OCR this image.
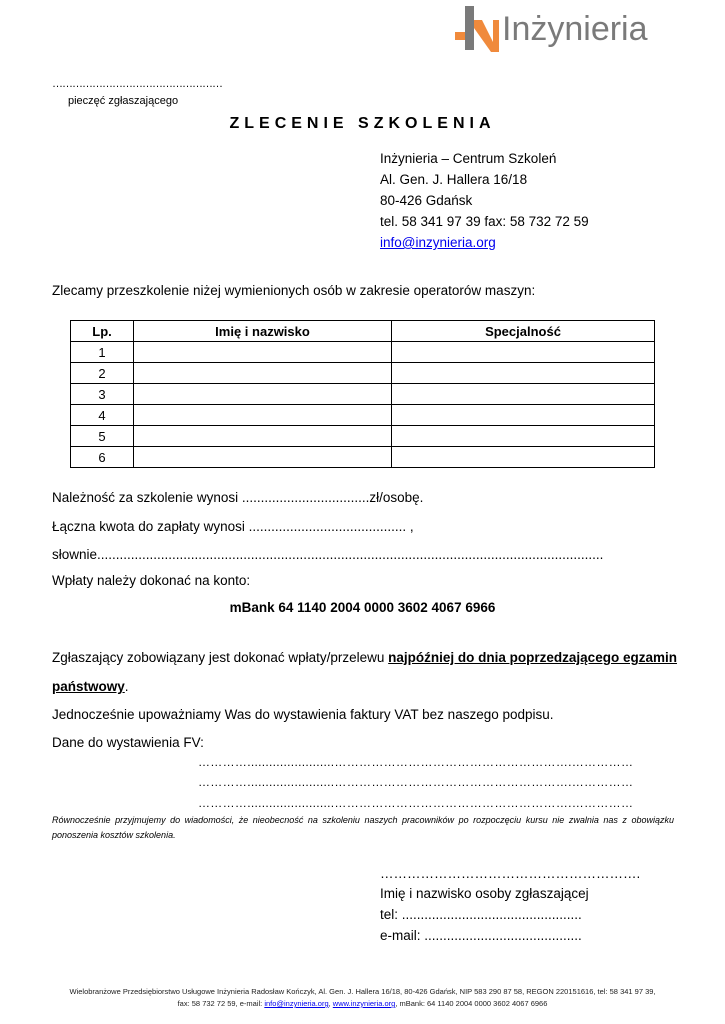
Inżynieria
……………………………………………
pieczęć zgłaszającego
ZLECENIE SZKOLENIA
Inżynieria – Centrum Szkoleń
Al. Gen. J. Hallera 16/18
80-426 Gdańsk
tel. 58 341 97 39 fax: 58 732 72 59
info@inzynieria.org
Zlecamy przeszkolenie niżej wymienionych osób w zakresie operatorów maszyn:
Lp.	Imię i nazwisko	Specjalność
1		
2		
3		
4		
5		
6		
Należność za szkolenie wynosi ..................................zł/osobę.
Łączna kwota do zapłaty wynosi .......................................... ,
słownie.......................................................................................................................................
Wpłaty należy dokonać na konto:
mBank 64 1140 2004 0000 3602 4067 6966
Zgłaszający zobowiązany jest dokonać wpłaty/przelewu najpóźniej do dnia poprzedzającego egzamin
państwowy.
Jednocześnie upoważniamy Was do wystawienia faktury VAT bez naszego podpisu.
Dane do wystawienia FV:
…………........................………………………………………………….……………
…………........................………………………………………………….……………
…………........................………………………………………………….……………
Równocześnie przyjmujemy do wiadomości, że nieobecność na szkoleniu naszych pracowników po rozpoczęciu kursu nie zwalnia nas z obowiązku ponoszenia kosztów szkolenia.
………………………………………………….
Imię i nazwisko osoby zgłaszającej
tel: ................................................
e-mail: ..........................................
Wielobranżowe Przedsiębiorstwo Usługowe Inżynieria Radosław Kończyk, Al. Gen. J. Hallera 16/18, 80-426 Gdańsk, NIP 583 290 87 58, REGON 220151616, tel: 58 341 97 39,
fax: 58 732 72 59, e-mail: info@inzynieria.org, www.inzynieria.org, mBank: 64 1140 2004 0000 3602 4067 6966
